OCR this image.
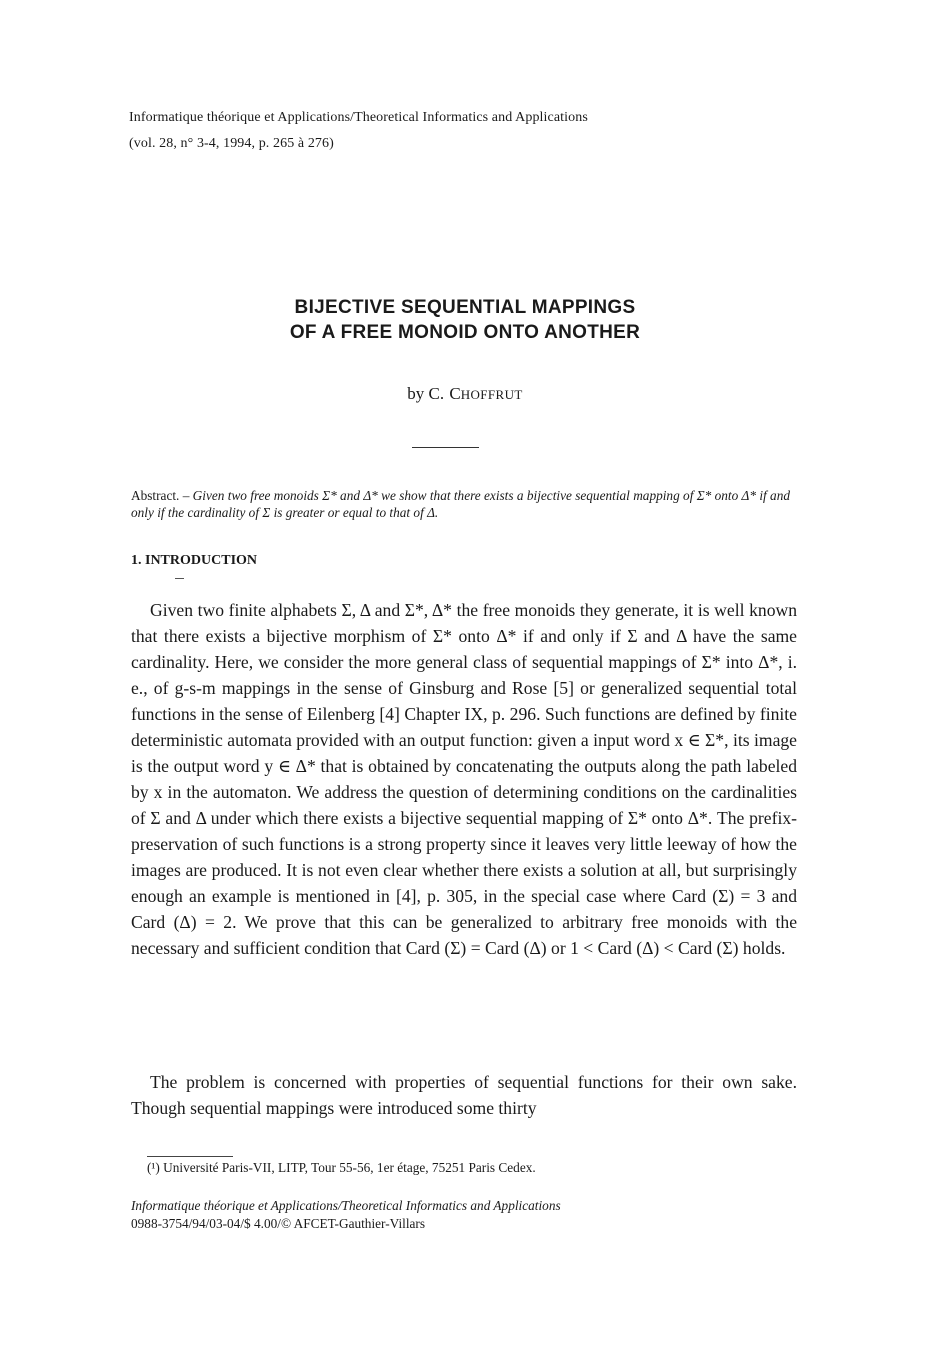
Informatique théorique et Applications/Theoretical Informatics and Applications
(vol. 28, n° 3-4, 1994, p. 265 à 276)
BIJECTIVE SEQUENTIAL MAPPINGS
OF A FREE MONOID ONTO ANOTHER
by C. CHOFFRUT
Abstract. – Given two free monoids Σ* and Δ* we show that there exists a bijective sequential mapping of Σ* onto Δ* if and only if the cardinality of Σ is greater or equal to that of Δ.
1. INTRODUCTION

Given two finite alphabets Σ, Δ and Σ*, Δ* the free monoids they generate, it is well known that there exists a bijective morphism of Σ* onto Δ* if and only if Σ and Δ have the same cardinality. Here, we consider the more general class of sequential mappings of Σ* into Δ*, i. e., of g-s-m mappings in the sense of Ginsburg and Rose [5] or generalized sequential total functions in the sense of Eilenberg [4] Chapter IX, p. 296. Such functions are defined by finite deterministic automata provided with an output function: given a input word x ∈ Σ*, its image is the output word y ∈ Δ* that is obtained by concatenating the outputs along the path labeled by x in the automaton. We address the question of determining conditions on the cardinalities of Σ and Δ under which there exists a bijective sequential mapping of Σ* onto Δ*. The prefix-preservation of such functions is a strong property since it leaves very little leeway of how the images are produced. It is not even clear whether there exists a solution at all, but surprisingly enough an example is mentioned in [4], p. 305, in the special case where Card (Σ) = 3 and Card (Δ) = 2. We prove that this can be generalized to arbitrary free monoids with the necessary and sufficient condition that Card (Σ) = Card (Δ) or 1 < Card (Δ) < Card (Σ) holds.

The problem is concerned with properties of sequential functions for their own sake. Though sequential mappings were introduced some thirty

(¹) Université Paris-VII, LITP, Tour 55-56, 1er étage, 75251 Paris Cedex.
Informatique théorique et Applications/Theoretical Informatics and Applications
0988-3754/94/03-04/$ 4.00/© AFCET-Gauthier-Villars
